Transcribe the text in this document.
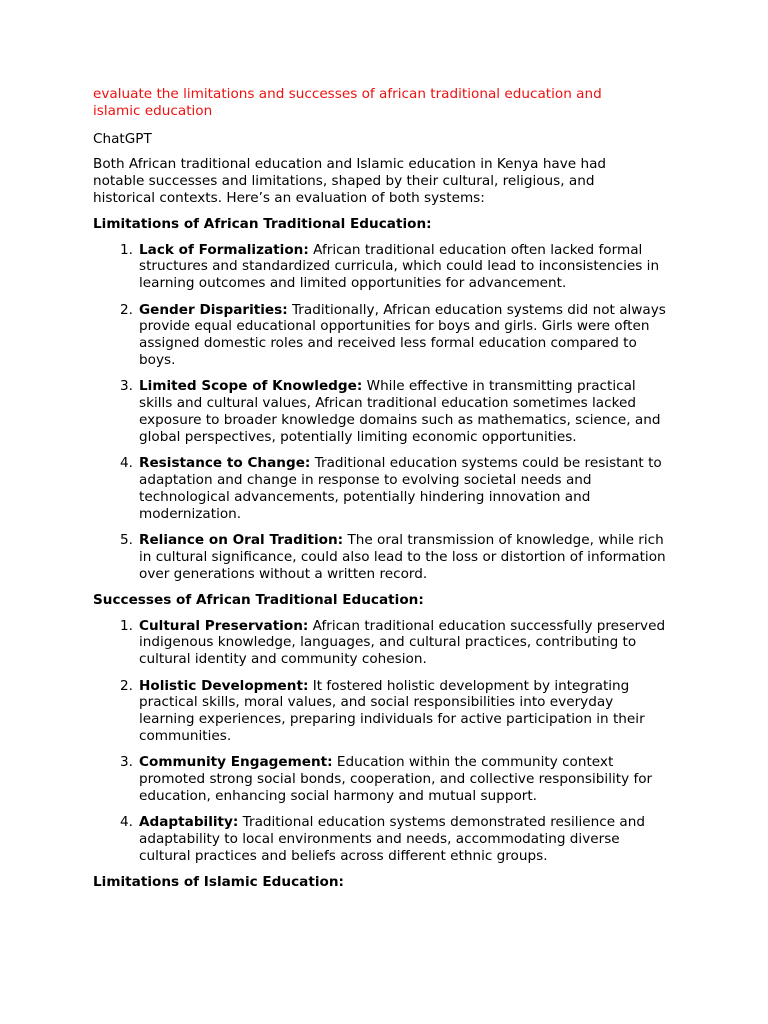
evaluate the limitations and successes of african traditional education and islamic education

ChatGPT

Both African traditional education and Islamic education in Kenya have had notable successes and limitations, shaped by their cultural, religious, and historical contexts. Here’s an evaluation of both systems:

Limitations of African Traditional Education:

1. Lack of Formalization: African traditional education often lacked formal structures and standardized curricula, which could lead to inconsistencies in learning outcomes and limited opportunities for advancement.
2. Gender Disparities: Traditionally, African education systems did not always provide equal educational opportunities for boys and girls. Girls were often assigned domestic roles and received less formal education compared to boys.
3. Limited Scope of Knowledge: While effective in transmitting practical skills and cultural values, African traditional education sometimes lacked exposure to broader knowledge domains such as mathematics, science, and global perspectives, potentially limiting economic opportunities.
4. Resistance to Change: Traditional education systems could be resistant to adaptation and change in response to evolving societal needs and technological advancements, potentially hindering innovation and modernization.
5. Reliance on Oral Tradition: The oral transmission of knowledge, while rich in cultural significance, could also lead to the loss or distortion of information over generations without a written record.

Successes of African Traditional Education:

1. Cultural Preservation: African traditional education successfully preserved indigenous knowledge, languages, and cultural practices, contributing to cultural identity and community cohesion.
2. Holistic Development: It fostered holistic development by integrating practical skills, moral values, and social responsibilities into everyday learning experiences, preparing individuals for active participation in their communities.
3. Community Engagement: Education within the community context promoted strong social bonds, cooperation, and collective responsibility for education, enhancing social harmony and mutual support.
4. Adaptability: Traditional education systems demonstrated resilience and adaptability to local environments and needs, accommodating diverse cultural practices and beliefs across different ethnic groups.

Limitations of Islamic Education:
